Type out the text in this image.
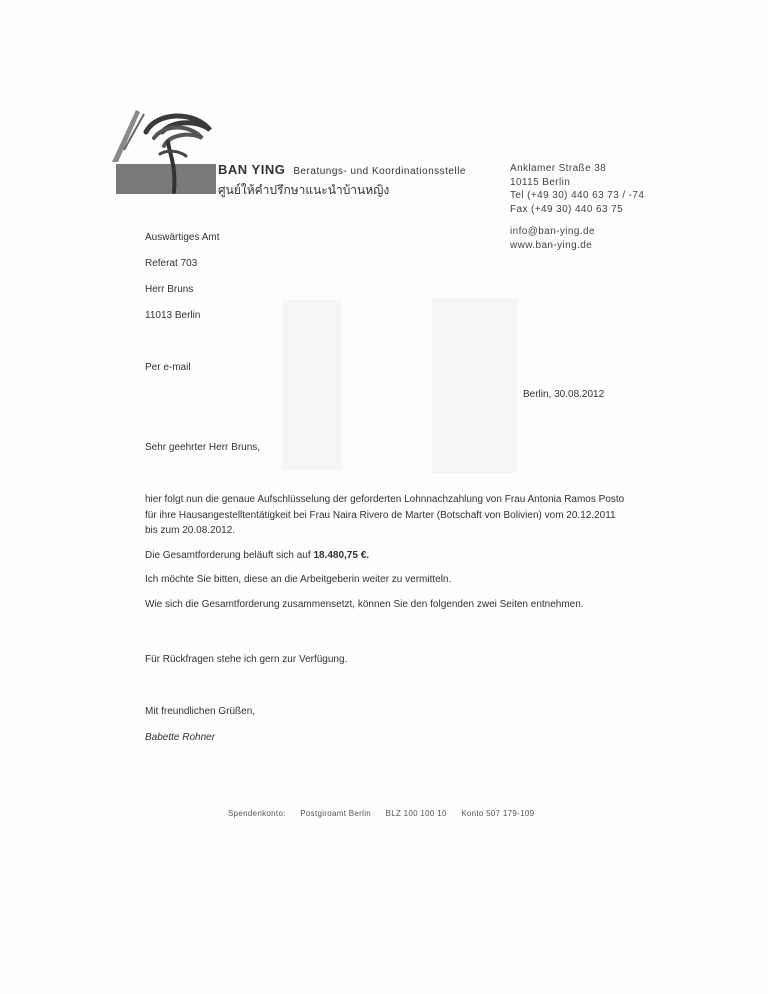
BAN YING Beratungs- und Koordinationsstelle
ศูนย์ให้คำปรึกษาแนะนำบ้านหญิง
Anklamer Straße 38
10115 Berlin
Tel (+49 30) 440 63 73 / -74
Fax (+49 30) 440 63 75
info@ban-ying.de
www.ban-ying.de
Auswärtiges Amt
Referat 703
Herr Bruns
11013 Berlin
Per e-mail
Berlin, 30.08.2012
Sehr geehrter Herr Bruns,

hier folgt nun die genaue Aufschlüsselung der geforderten Lohnnachzahlung von Frau Antonia Ramos Posto für ihre Hausangestelltentätigkeit bei Frau Naira Rivero de Marter (Botschaft von Bolivien) vom 20.12.2011 bis zum 20.08.2012.

Die Gesamtforderung beläuft sich auf 18.480,75 €.

Ich möchte Sie bitten, diese an die Arbeitgeberin weiter zu vermitteln.

Wie sich die Gesamtforderung zusammensetzt, können Sie den folgenden zwei Seiten entnehmen.

Für Rückfragen stehe ich gern zur Verfügung.
Mit freundlichen Grüßen,
Babette Rohner
Spendenkonto: Postgiroamt Berlin BLZ 100 100 10 Konto 507 179-109
